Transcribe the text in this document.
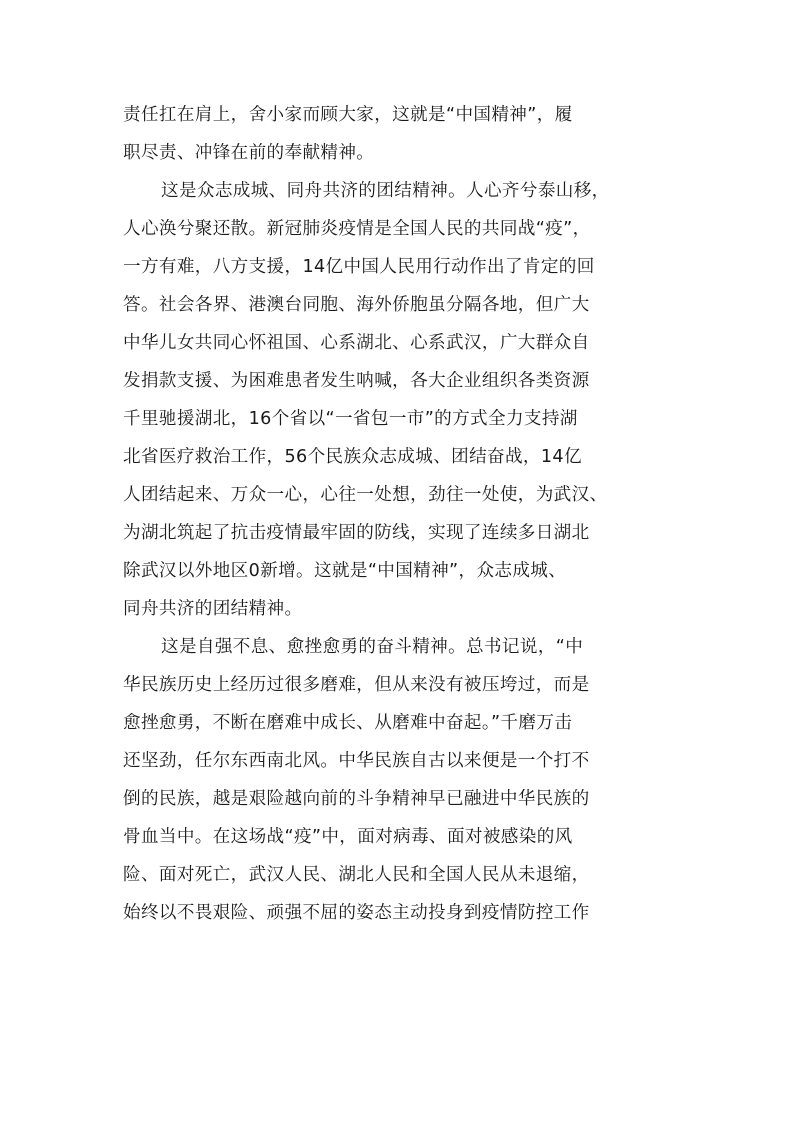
责任扛在肩上，舍小家而顾大家，这就是“中国精神”，履
职尽责、冲锋在前的奉献精神。
这是众志成城、同舟共济的团结精神。人心齐兮泰山移，
人心涣兮聚还散。新冠肺炎疫情是全国人民的共同战“疫”，
一方有难，八方支援，14亿中国人民用行动作出了肯定的回
答。社会各界、港澳台同胞、海外侨胞虽分隔各地，但广大
中华儿女共同心怀祖国、心系湖北、心系武汉，广大群众自
发捐款支援、为困难患者发生呐喊，各大企业组织各类资源
千里驰援湖北，16个省以“一省包一市”的方式全力支持湖
北省医疗救治工作，56个民族众志成城、团结奋战，14亿
人团结起来、万众一心，心往一处想，劲往一处使，为武汉、
为湖北筑起了抗击疫情最牢固的防线，实现了连续多日湖北
除武汉以外地区0新增。这就是“中国精神”，众志成城、
同舟共济的团结精神。
这是自强不息、愈挫愈勇的奋斗精神。总书记说，“中
华民族历史上经历过很多磨难，但从来没有被压垮过，而是
愈挫愈勇，不断在磨难中成长、从磨难中奋起。”千磨万击
还坚劲，任尔东西南北风。中华民族自古以来便是一个打不
倒的民族，越是艰险越向前的斗争精神早已融进中华民族的
骨血当中。在这场战“疫”中，面对病毒、面对被感染的风
险、面对死亡，武汉人民、湖北人民和全国人民从未退缩，
始终以不畏艰险、顽强不屈的姿态主动投身到疫情防控工作
